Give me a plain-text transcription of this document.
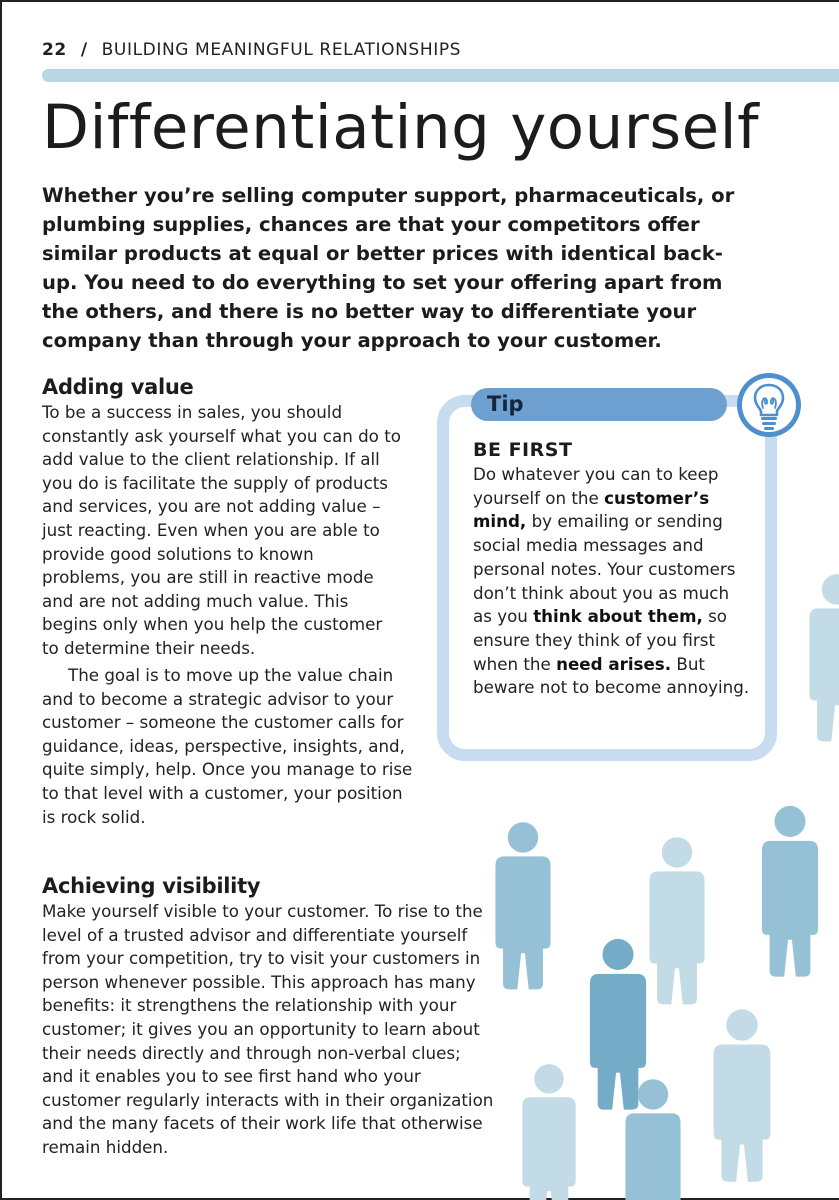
22 / BUILDING MEANINGFUL RELATIONSHIPS
Differentiating yourself

Whether you’re selling computer support, pharmaceuticals, or plumbing supplies, chances are that your competitors offer similar products at equal or better prices with identical back-up. You need to do everything to set your offering apart from the others, and there is no better way to differentiate your company than through your approach to your customer.

Adding value

To be a success in sales, you should constantly ask yourself what you can do to add value to the client relationship. If all you do is facilitate the supply of products and services, you are not adding value – just reacting. Even when you are able to provide good solutions to known problems, you are still in reactive mode and are not adding much value. This begins only when you help the customer to determine their needs.

The goal is to move up the value chain and to become a strategic advisor to your customer – someone the customer calls for guidance, ideas, perspective, insights, and, quite simply, help. Once you manage to rise to that level with a customer, your position is rock solid.

Achieving visibility

Make yourself visible to your customer. To rise to the level of a trusted advisor and differentiate yourself from your competition, try to visit your customers in person whenever possible. This approach has many benefits: it strengthens the relationship with your customer; it gives you an opportunity to learn about their needs directly and through non-verbal clues; and it enables you to see first hand who your customer regularly interacts with in their organization and the many facets of their work life that otherwise remain hidden.

Tip
BE FIRST

Do whatever you can to keep yourself on the customer’s mind, by emailing or sending social media messages and personal notes. Your customers don’t think about you as much as you think about them, so ensure they think of you first when the need arises. But beware not to become annoying.
